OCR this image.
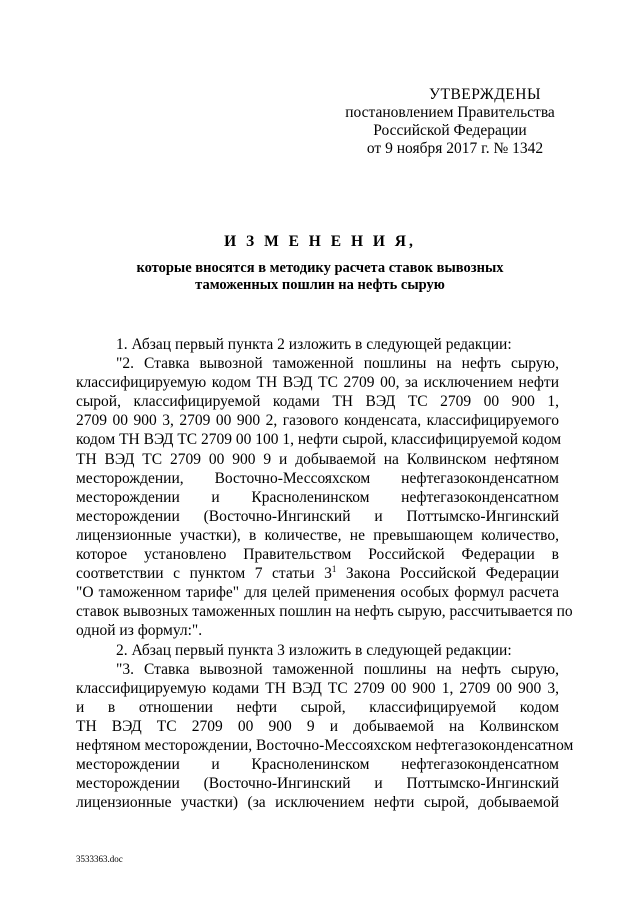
УТВЕРЖДЕНЫ
постановлением Правительства
Российской Федерации
от 9 ноября 2017 г. № 1342
И З М Е Н Е Н И Я,
которые вносятся в методику расчета ставок вывозных
таможенных пошлин на нефть сырую
1. Абзац первый пункта 2 изложить в следующей редакции:
"2. Ставка вывозной таможенной пошлины на нефть сырую,
классифицируемую кодом ТН ВЭД ТС 2709 00, за исключением нефти
сырой, классифицируемой кодами ТН ВЭД ТС 2709 00 900 1,
2709 00 900 3, 2709 00 900 2, газового конденсата, классифицируемого
кодом ТН ВЭД ТС 2709 00 100 1, нефти сырой, классифицируемой кодом
ТН ВЭД ТС 2709 00 900 9 и добываемой на Колвинском нефтяном
месторождении, Восточно-Мессояхском нефтегазоконденсатном
месторождении и Красноленинском нефтегазоконденсатном
месторождении (Восточно-Ингинский и Поттымско-Ингинский
лицензионные участки), в количестве, не превышающем количество,
которое установлено Правительством Российской Федерации в
соответствии с пунктом 7 статьи $3^1$ Закона Российской Федерации
"О таможенном тарифе" для целей применения особых формул расчета
ставок вывозных таможенных пошлин на нефть сырую, рассчитывается по
одной из формул:".
2. Абзац первый пункта 3 изложить в следующей редакции:
"3. Ставка вывозной таможенной пошлины на нефть сырую,
классифицируемую кодами ТН ВЭД ТС 2709 00 900 1, 2709 00 900 3,
и в отношении нефти сырой, классифицируемой кодом
ТН ВЭД ТС 2709 00 900 9 и добываемой на Колвинском
нефтяном месторождении, Восточно-Мессояхском нефтегазоконденсатном
месторождении и Красноленинском нефтегазоконденсатном
месторождении (Восточно-Ингинский и Поттымско-Ингинский
лицензионные участки) (за исключением нефти сырой, добываемой
3533363.doc
